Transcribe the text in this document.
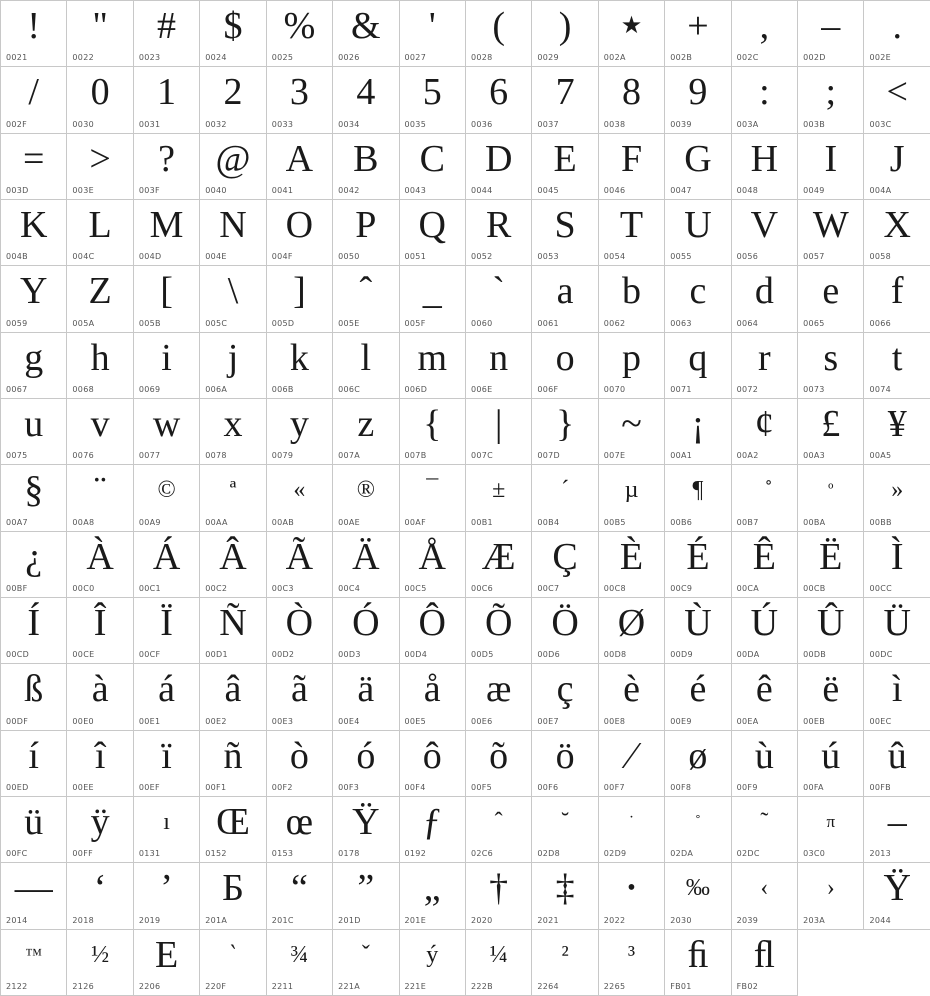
!
0021
"
0022
#
0023
$
0024
%
0025
&
0026
'
0027
(
0028
)
0029
★
002A
+
002B
,
002C
–
002D
.
002E
/
002F
0
0030
1
0031
2
0032
3
0033
4
0034
5
0035
6
0036
7
0037
8
0038
9
0039
:
003A
;
003B
<
003C
=
003D
>
003E
?
003F
@
0040
A
0041
B
0042
C
0043
D
0044
E
0045
F
0046
G
0047
H
0048
I
0049
J
004A
K
004B
L
004C
M
004D
N
004E
O
004F
P
0050
Q
0051
R
0052
S
0053
T
0054
U
0055
V
0056
W
0057
X
0058
Y
0059
Z
005A
[
005B
\
005C
]
005D
ˆ
005E
_
005F
`
0060
a
0061
b
0062
c
0063
d
0064
e
0065
f
0066
g
0067
h
0068
i
0069
j
006A
k
006B
l
006C
m
006D
n
006E
o
006F
p
0070
q
0071
r
0072
s
0073
t
0074
u
0075
v
0076
w
0077
x
0078
y
0079
z
007A
{
007B
|
007C
}
007D
~
007E
¡
00A1
¢
00A2
£
00A3
¥
00A5
§
00A7
¨
00A8
©
00A9
ª
00AA
«
00AB
®
00AE
¯
00AF
±
00B1
´
00B4
µ
00B5
¶
00B6	00B7
º
00BA
»
00BB
¿
00BF
À
00C0
Á
00C1
Â
00C2
Ã
00C3
Ä
00C4
Å
00C5
Æ
00C6
Ç
00C7
È
00C8
É
00C9
Ê
00CA
Ë
00CB
Ì
00CC
Í
00CD
Î
00CE
Ï
00CF
Ñ
00D1
Ò
00D2
Ó
00D3
Ô
00D4
Õ
00D5
Ö
00D6
Ø
00D8
Ù
00D9
Ú
00DA
Û
00DB
Ü
00DC
ß
00DF
à
00E0
á
00E1
â
00E2
ã
00E3
ä
00E4
å
00E5
æ
00E6
ç
00E7
è
00E8
é
00E9
ê
00EA
ë
00EB
ì
00EC
í
00ED
î
00EE
ï
00EF
ñ
00F1
ò
00F2
ó
00F3
ô
00F4
õ
00F5
ö
00F6
⁄
00F7
ø
00F8
ù
00F9
ú
00FA
û
00FB
ü
00FC
ÿ
00FF
ı
0131
Œ
0152
œ
0153
Ÿ
0178
ƒ
0192
ˆ
02C6
˘
02D8
˙
02D9
˚
02DA
˜
02DC
π
03C0
–
2013
—
2014
‘
2018
’
2019
Б
201A
“
201C
”
201D
„
201E
†
2020
‡
2021
•
2022
‰
2030
‹
2039
›
203A
Ÿ
2044
™
2122
½
2126
E
2206
‵
220F
¾
2211
ˇ
221A
ý
221E
¼
222B
²
2264
³
2265
ﬁ
FB01
ﬂ
FB02
